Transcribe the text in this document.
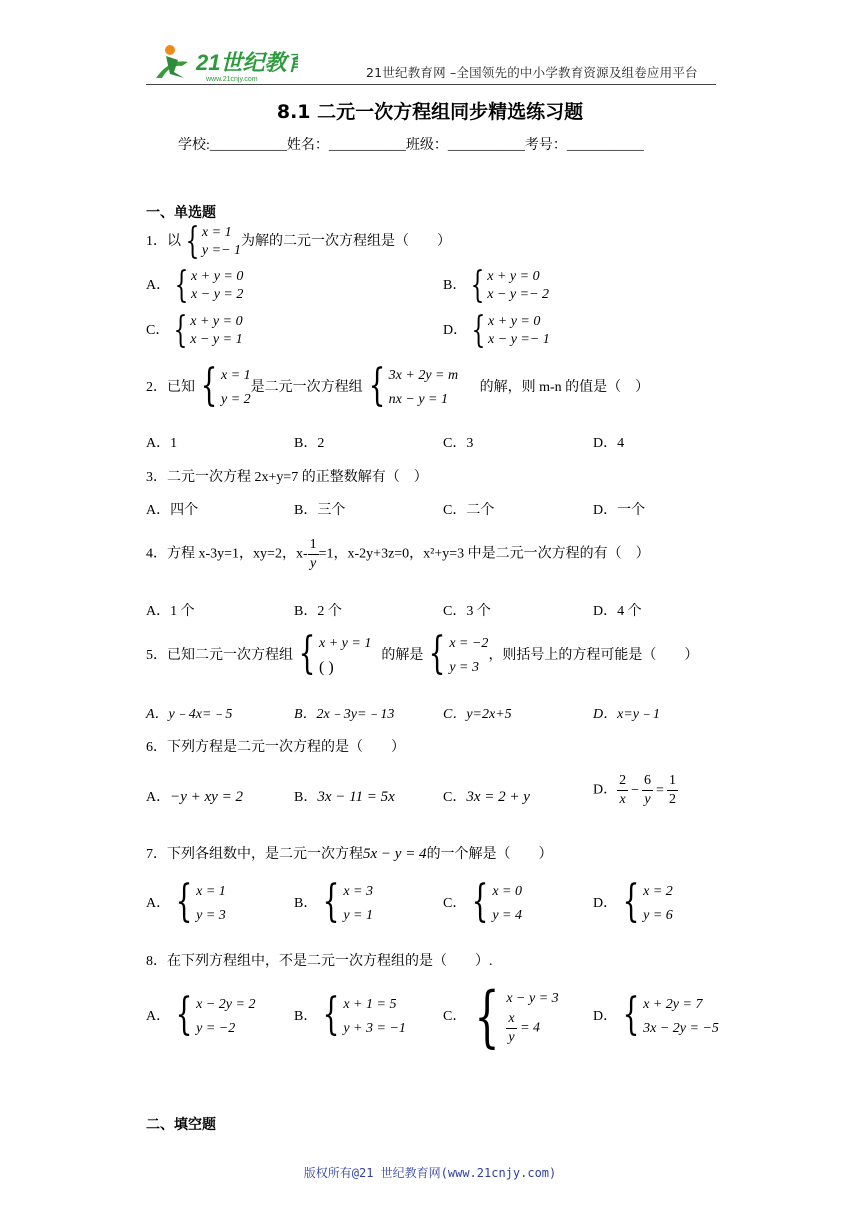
21世纪教育
www.21cnjy.com	21世纪教育网 –全国领先的中小学教育资源及组卷应用平台
8.1 二元一次方程组同步精选练习题
学校:___________姓名：___________班级：___________考号：___________
一、单选题
1．以 { x = 1
y =− 1
为解的二元一次方程组是（　　）
A． { x + y = 0
x − y = 2
B． { x + y = 0
x − y =− 2
C． { x + y = 0
x − y = 1
D． { x + y = 0
x − y =− 1
2．已知 { x = 1
y = 2
是二元一次方程组 { 3x + 2y = m
nx − y = 1
的解，则 m-n 的值是（　）
A．1	B．2	C．3	D．4
3．二元一次方程 2x+y=7 的正整数解有（　）
A．四个	B．三个	C．二个	D．一个
4．方程 x-3y=1，xy=2，$x- \frac{1}{y} =1$，x-2y+3z=0，x²+y=3 中是二元一次方程的有（　）
A．1 个	B．2 个	C．3 个	D．4 个
5．已知二元一次方程组 { x + y = 1
( )
的解是 { x = −2
y = 3
，则括号上的方程可能是（　　）
A．y﹣4x=﹣5	B．2x﹣3y=﹣13	C．y=2x+5	D．x=y﹣1
6．下列方程是二元一次方程的是（　　）
A．−y + xy = 2	B．3x − 11 = 5x	C．3x = 2 + y	D． $\frac{2}{x} - \frac{6}{y} = \frac{1}{2}$
7．下列各组数中，是二元一次方程5x − y = 4的一个解是（　　）
A． { x = 1
y = 3
B． { x = 3
y = 1
C． { x = 0
y = 4
D． { x = 2
y = 6
8．在下列方程组中，不是二元一次方程组的是（　　）.
A． { x − 2y = 2
y = −2
B． { x + 1 = 5
y + 3 = −1
C． { x − y = 3
$\frac{x}{y} = 4$
D． { x + 2y = 7
3x − 2y = −5
二、填空题
版权所有@21 世纪教育网(www.21cnjy.com)
